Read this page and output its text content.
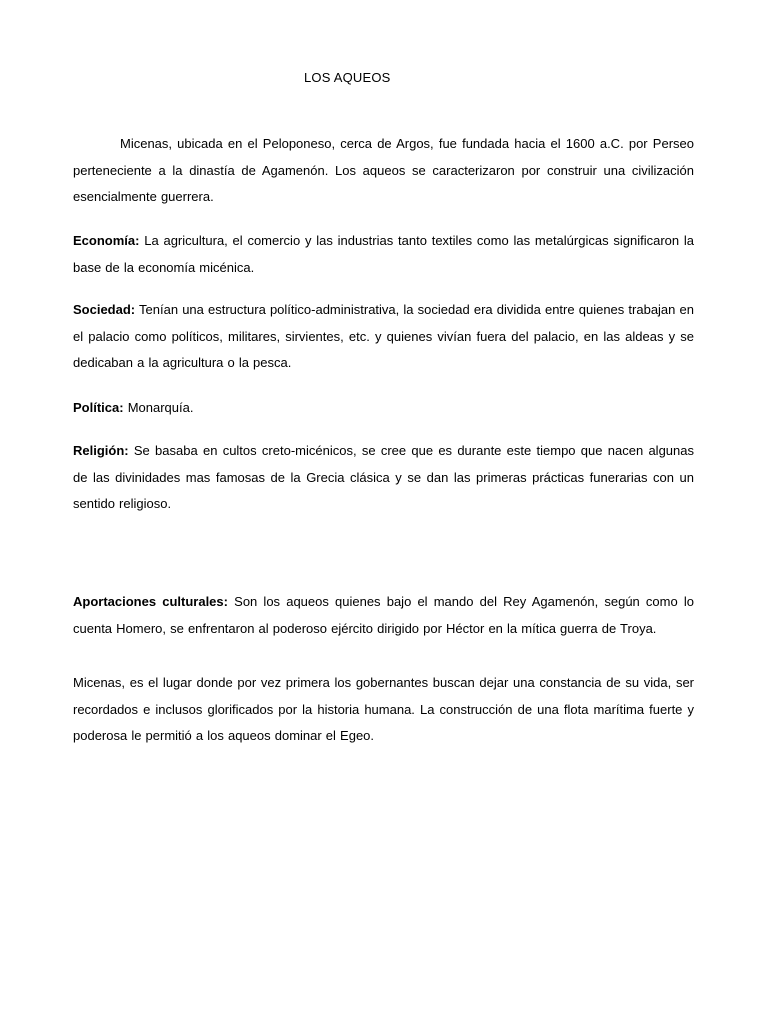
LOS AQUEOS

Micenas, ubicada en el Peloponeso, cerca de Argos, fue fundada hacia el 1600 a.C. por Perseo perteneciente a la dinastía de Agamenón. Los aqueos se caracterizaron por construir una civilización esencialmente guerrera.

Economía: La agricultura, el comercio y las industrias tanto textiles como las metalúrgicas significaron la base de la economía micénica.

Sociedad: Tenían una estructura político-administrativa, la sociedad era dividida entre quienes trabajan en el palacio como políticos, militares, sirvientes, etc. y quienes vivían fuera del palacio, en las aldeas y se dedicaban a la agricultura o la pesca.

Política: Monarquía.

Religión: Se basaba en cultos creto-micénicos, se cree que es durante este tiempo que nacen algunas de las divinidades mas famosas de la Grecia clásica y se dan las primeras prácticas funerarias con un sentido religioso.

Aportaciones culturales: Son los aqueos quienes bajo el mando del Rey Agamenón, según como lo cuenta Homero, se enfrentaron al poderoso ejército dirigido por Héctor en la mítica guerra de Troya.

Micenas, es el lugar donde por vez primera los gobernantes buscan dejar una constancia de su vida, ser recordados e inclusos glorificados por la historia humana. La construcción de una flota marítima fuerte y poderosa le permitió a los aqueos dominar el Egeo.
